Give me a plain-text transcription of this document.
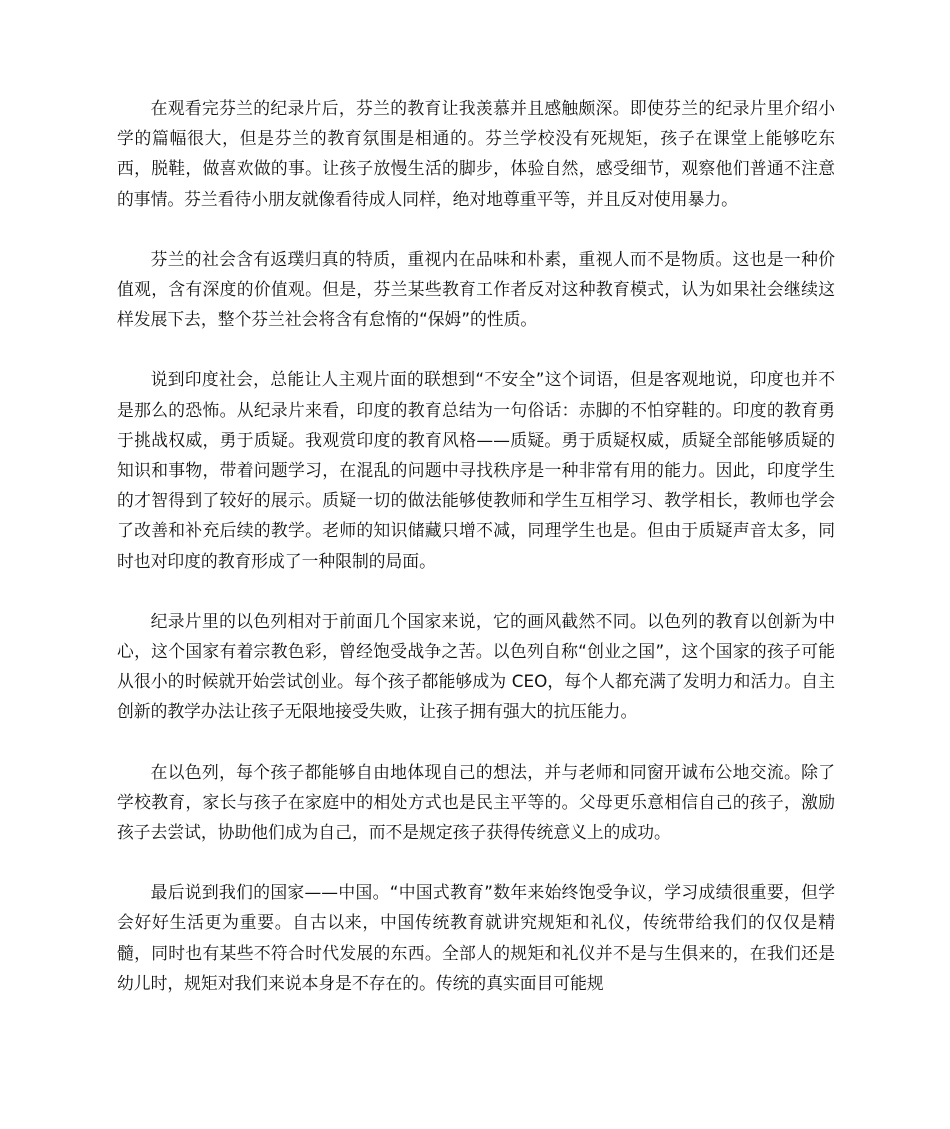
在观看完芬兰的纪录片后，芬兰的教育让我羡慕并且感触颇深。即使芬兰的纪录片里介绍小学的篇幅很大，但是芬兰的教育氛围是相通的。芬兰学校没有死规矩，孩子在课堂上能够吃东西，脱鞋，做喜欢做的事。让孩子放慢生活的脚步，体验自然，感受细节，观察他们普通不注意的事情。芬兰看待小朋友就像看待成人同样，绝对地尊重平等，并且反对使用暴力。

芬兰的社会含有返璞归真的特质，重视内在品味和朴素，重视人而不是物质。这也是一种价值观，含有深度的价值观。但是，芬兰某些教育工作者反对这种教育模式，认为如果社会继续这样发展下去，整个芬兰社会将含有怠惰的“保姆”的性质。

说到印度社会，总能让人主观片面的联想到“不安全”这个词语，但是客观地说，印度也并不是那么的恐怖。从纪录片来看，印度的教育总结为一句俗话：赤脚的不怕穿鞋的。印度的教育勇于挑战权威，勇于质疑。我观赏印度的教育风格——质疑。勇于质疑权威，质疑全部能够质疑的知识和事物，带着问题学习，在混乱的问题中寻找秩序是一种非常有用的能力。因此，印度学生的才智得到了较好的展示。质疑一切的做法能够使教师和学生互相学习、教学相长，教师也学会了改善和补充后续的教学。老师的知识储藏只增不减，同理学生也是。但由于质疑声音太多，同时也对印度的教育形成了一种限制的局面。

纪录片里的以色列相对于前面几个国家来说，它的画风截然不同。以色列的教育以创新为中心，这个国家有着宗教色彩，曾经饱受战争之苦。以色列自称“创业之国”，这个国家的孩子可能从很小的时候就开始尝试创业。每个孩子都能够成为 CEO，每个人都充满了发明力和活力。自主创新的教学办法让孩子无限地接受失败，让孩子拥有强大的抗压能力。

在以色列，每个孩子都能够自由地体现自己的想法，并与老师和同窗开诚布公地交流。除了学校教育，家长与孩子在家庭中的相处方式也是民主平等的。父母更乐意相信自己的孩子，激励孩子去尝试，协助他们成为自己，而不是规定孩子获得传统意义上的成功。

最后说到我们的国家——中国。“中国式教育”数年来始终饱受争议，学习成绩很重要，但学会好好生活更为重要。自古以来，中国传统教育就讲究规矩和礼仪，传统带给我们的仅仅是精髓，同时也有某些不符合时代发展的东西。全部人的规矩和礼仪并不是与生俱来的，在我们还是幼儿时，规矩对我们来说本身是不存在的。传统的真实面目可能规
